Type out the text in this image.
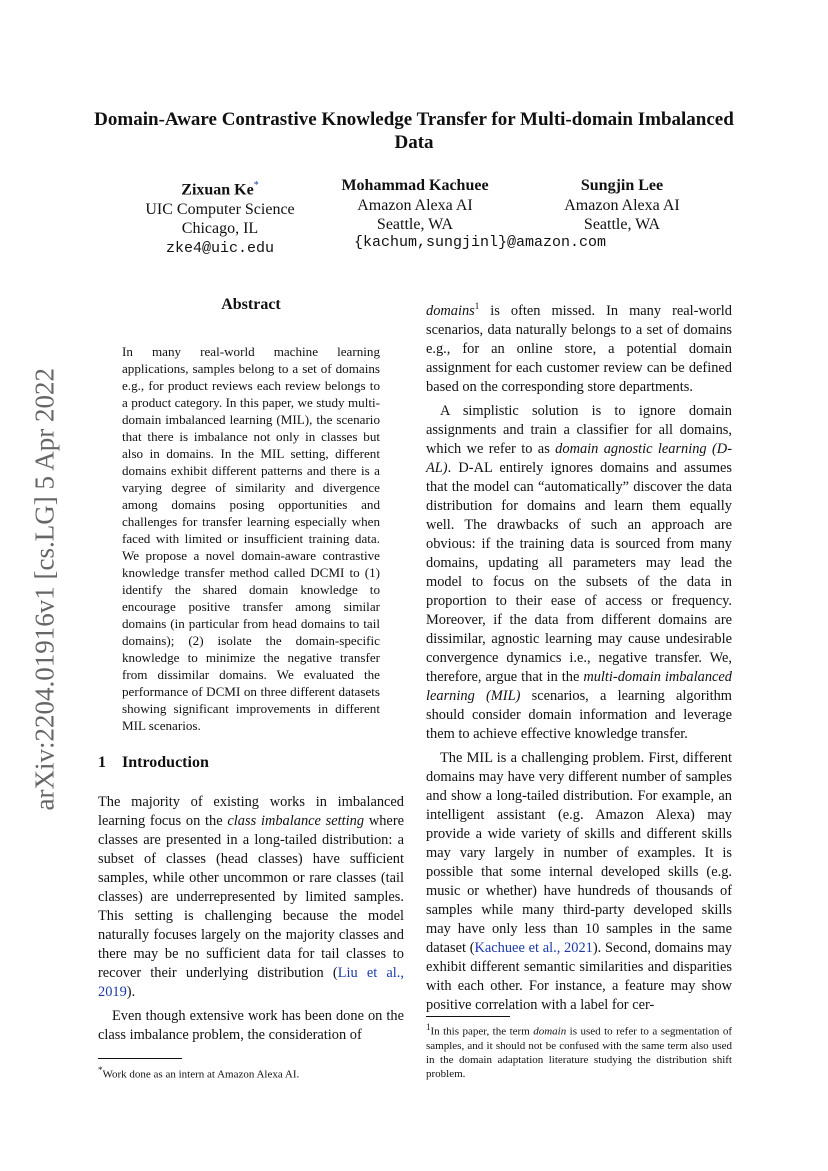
arXiv:2204.01916v1 [cs.LG] 5 Apr 2022
Domain-Aware Contrastive Knowledge Transfer for Multi-domain Imbalanced Data
Zixuan Ke*
UIC Computer Science
Chicago, IL
zke4@uic.edu
Mohammad Kachuee
Amazon Alexa AI
Seattle, WA
Sungjin Lee
Amazon Alexa AI
Seattle, WA
{kachum,sungjinl}@amazon.com
Abstract
In many real-world machine learning applications, samples belong to a set of domains e.g., for product reviews each review belongs to a product category. In this paper, we study multi-domain imbalanced learning (MIL), the scenario that there is imbalance not only in classes but also in domains. In the MIL setting, different domains exhibit different patterns and there is a varying degree of similarity and divergence among domains posing opportunities and challenges for transfer learning especially when faced with limited or insufficient training data. We propose a novel domain-aware contrastive knowledge transfer method called DCMI to (1) identify the shared domain knowledge to encourage positive transfer among similar domains (in particular from head domains to tail domains); (2) isolate the domain-specific knowledge to minimize the negative transfer from dissimilar domains. We evaluated the performance of DCMI on three different datasets showing significant improvements in different MIL scenarios.
1 Introduction

The majority of existing works in imbalanced learning focus on the class imbalance setting where classes are presented in a long-tailed distribution: a subset of classes (head classes) have sufficient samples, while other uncommon or rare classes (tail classes) are underrepresented by limited samples. This setting is challenging because the model naturally focuses largely on the majority classes and there may be no sufficient data for tail classes to recover their underlying distribution (Liu et al., 2019).

Even though extensive work has been done on the class imbalance problem, the consideration of

domains$^1$ is often missed. In many real-world scenarios, data naturally belongs to a set of domains e.g., for an online store, a potential domain assignment for each customer review can be defined based on the corresponding store departments.

A simplistic solution is to ignore domain assignments and train a classifier for all domains, which we refer to as domain agnostic learning (D-AL). D-AL entirely ignores domains and assumes that the model can “automatically” discover the data distribution for domains and learn them equally well. The drawbacks of such an approach are obvious: if the training data is sourced from many domains, updating all parameters may lead the model to focus on the subsets of the data in proportion to their ease of access or frequency. Moreover, if the data from different domains are dissimilar, agnostic learning may cause undesirable convergence dynamics i.e., negative transfer. We, therefore, argue that in the multi-domain imbalanced learning (MIL) scenarios, a learning algorithm should consider domain information and leverage them to achieve effective knowledge transfer.

The MIL is a challenging problem. First, different domains may have very different number of samples and show a long-tailed distribution. For example, an intelligent assistant (e.g. Amazon Alexa) may provide a wide variety of skills and different skills may vary largely in number of examples. It is possible that some internal developed skills (e.g. music or whether) have hundreds of thousands of samples while many third-party developed skills may have only less than 10 samples in the same dataset (Kachuee et al., 2021). Second, domains may exhibit different semantic similarities and disparities with each other. For instance, a feature may show positive correlation with a label for cer-

*Work done as an intern at Amazon Alexa AI.
$^1$In this paper, the term domain is used to refer to a segmentation of samples, and it should not be confused with the same term also used in the domain adaptation literature studying the distribution shift problem.
